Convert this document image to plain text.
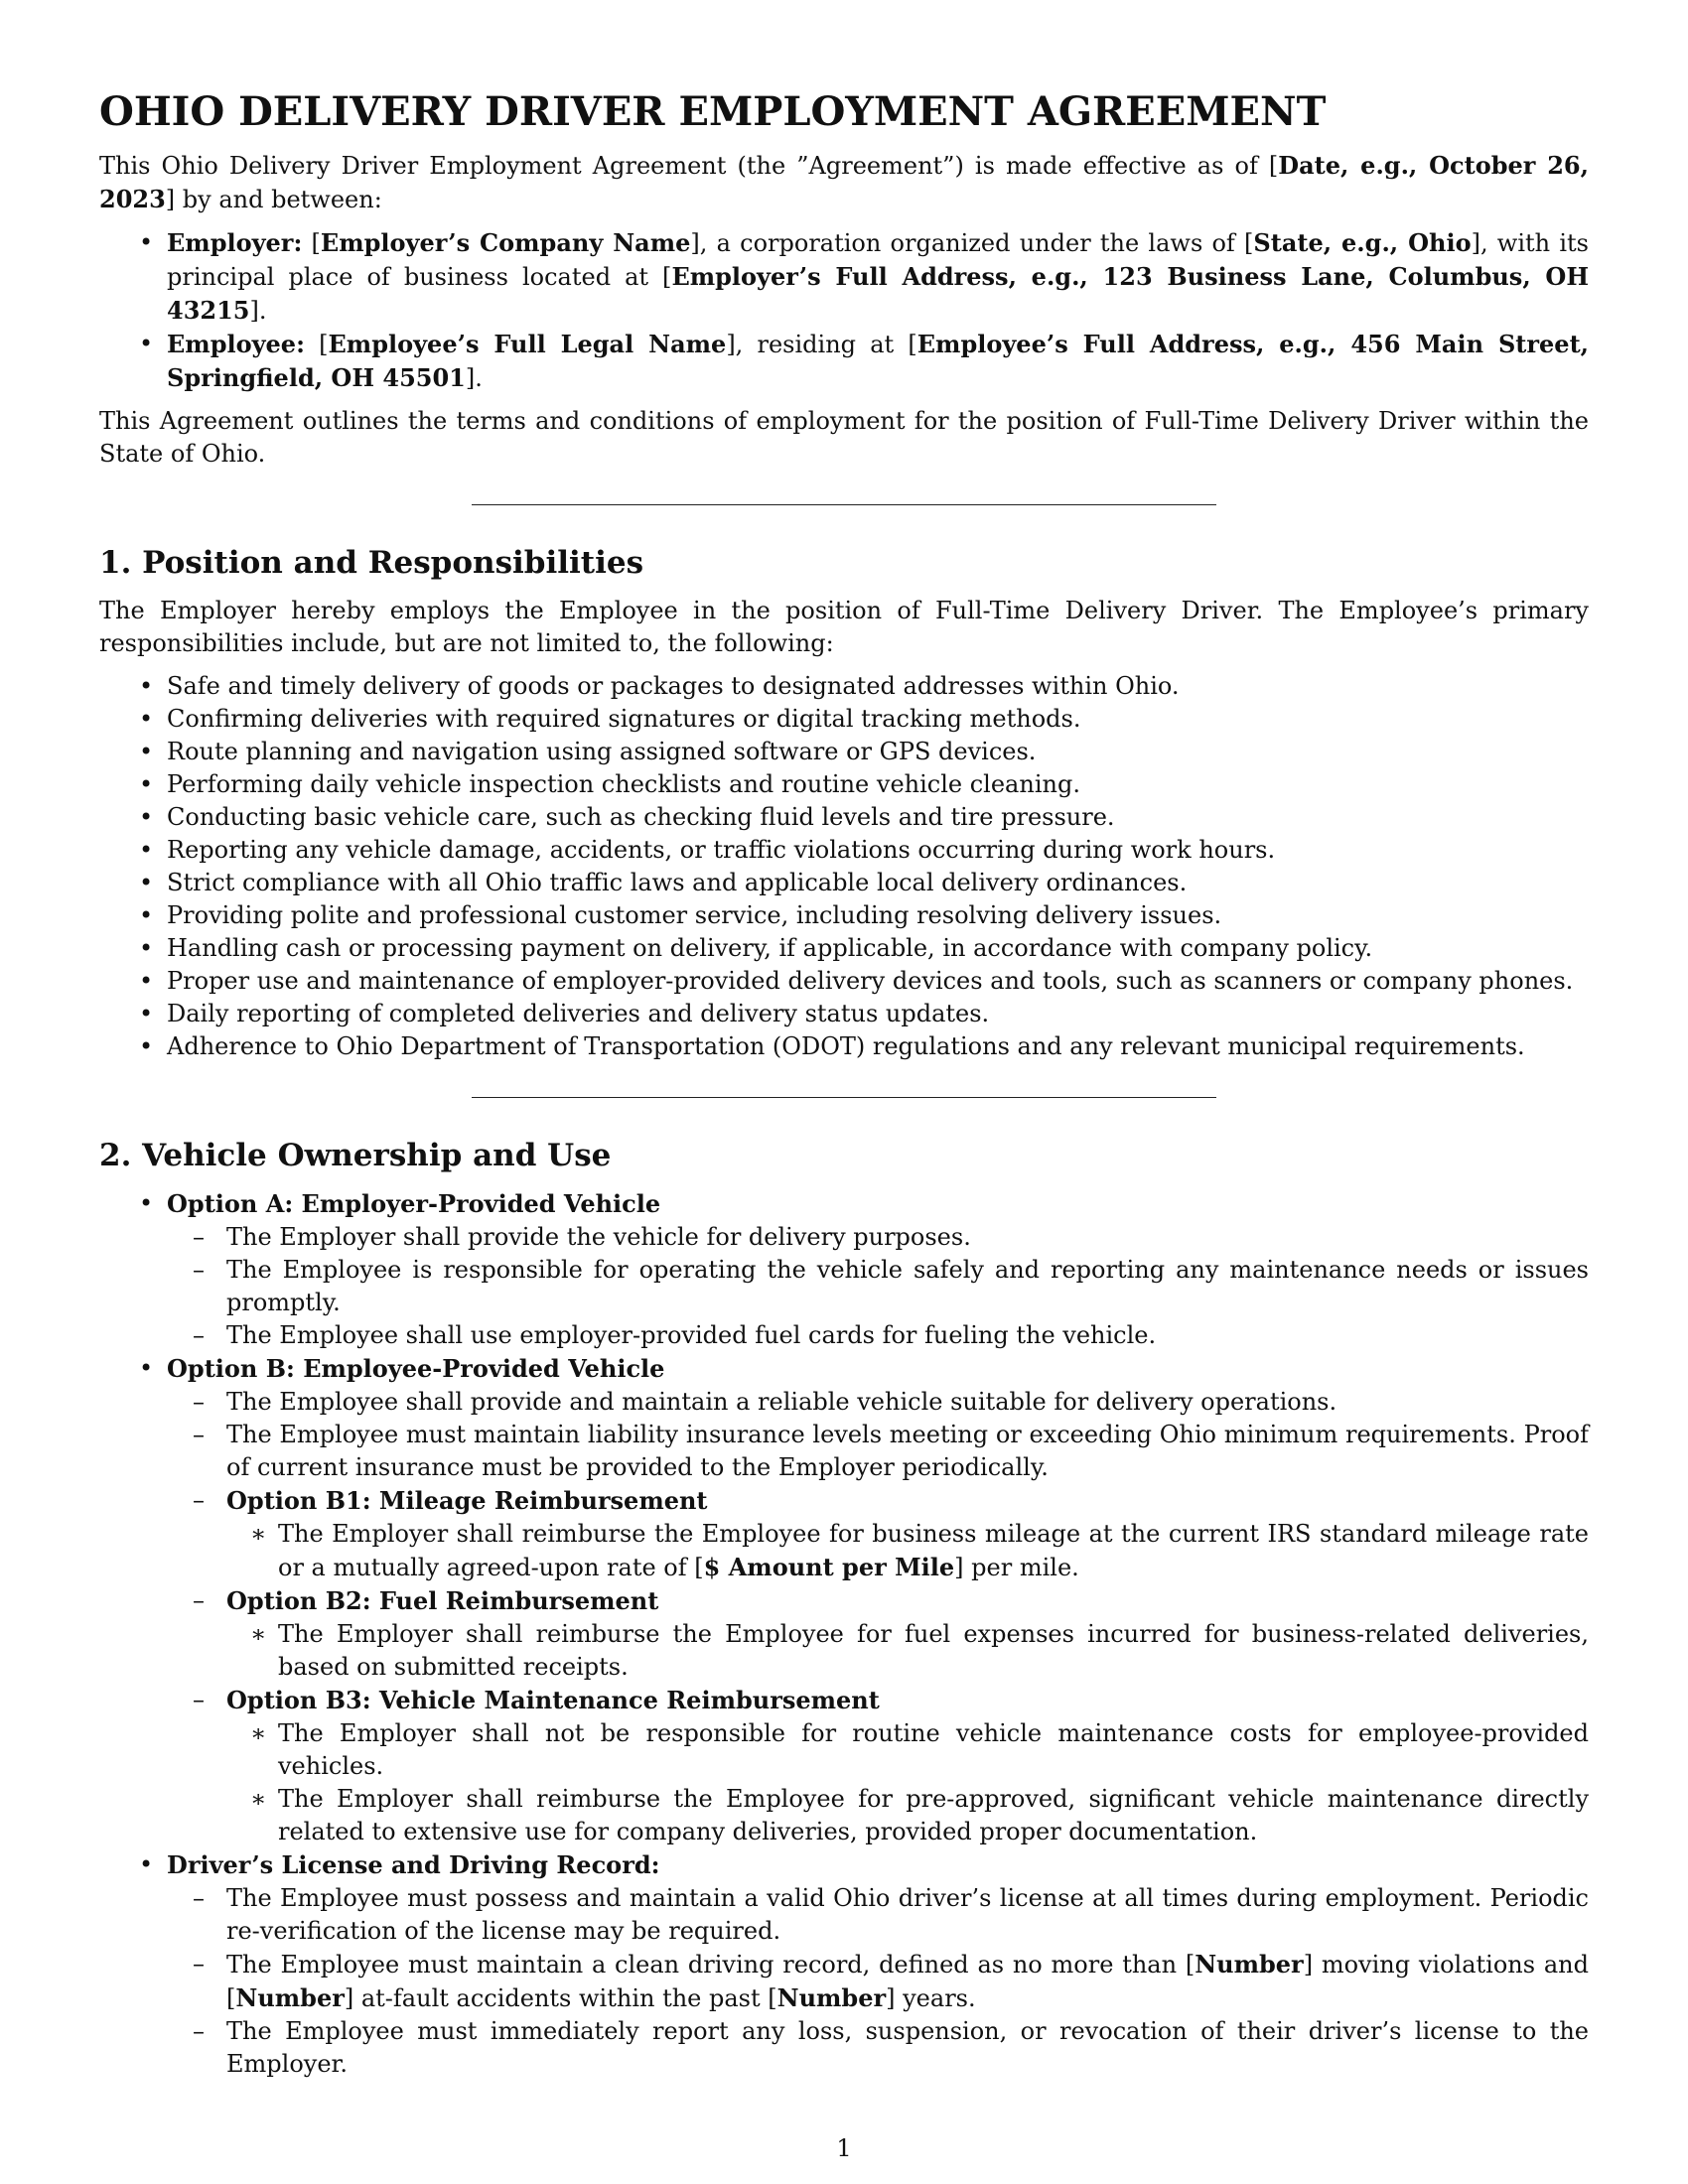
OHIO DELIVERY DRIVER EMPLOYMENT AGREEMENT

This Ohio Delivery Driver Employment Agreement (the ”Agreement”) is made effective as of [Date, e.g., October 26, 2023] by and between:

• Employer: [Employer’s Company Name], a corporation organized under the laws of [State, e.g., Ohio], with its principal place of business located at [Employer’s Full Address, e.g., 123 Business Lane, Columbus, OH 43215].
• Employee: [Employee’s Full Legal Name], residing at [Employee’s Full Address, e.g., 456 Main Street, Springfield, OH 45501].

This Agreement outlines the terms and conditions of employment for the position of Full-Time Delivery Driver within the State of Ohio.

1. Position and Responsibilities

The Employer hereby employs the Employee in the position of Full-Time Delivery Driver. The Employee’s primary responsibilities include, but are not limited to, the following:

• Safe and timely delivery of goods or packages to designated addresses within Ohio.
• Confirming deliveries with required signatures or digital tracking methods.
• Route planning and navigation using assigned software or GPS devices.
• Performing daily vehicle inspection checklists and routine vehicle cleaning.
• Conducting basic vehicle care, such as checking fluid levels and tire pressure.
• Reporting any vehicle damage, accidents, or traffic violations occurring during work hours.
• Strict compliance with all Ohio traffic laws and applicable local delivery ordinances.
• Providing polite and professional customer service, including resolving delivery issues.
• Handling cash or processing payment on delivery, if applicable, in accordance with company policy.
• Proper use and maintenance of employer-provided delivery devices and tools, such as scanners or company phones.
• Daily reporting of completed deliveries and delivery status updates.
• Adherence to Ohio Department of Transportation (ODOT) regulations and any relevant municipal requirements.
2. Vehicle Ownership and Use
• Option A: Employer-Provided Vehicle
– The Employer shall provide the vehicle for delivery purposes.
– The Employee is responsible for operating the vehicle safely and reporting any maintenance needs or issues promptly.
– The Employee shall use employer-provided fuel cards for fueling the vehicle.
• Option B: Employee-Provided Vehicle
– The Employee shall provide and maintain a reliable vehicle suitable for delivery operations.
– The Employee must maintain liability insurance levels meeting or exceeding Ohio minimum requirements. Proof of current insurance must be provided to the Employer periodically.
– Option B1: Mileage Reimbursement
∗ The Employer shall reimburse the Employee for business mileage at the current IRS standard mileage rate or a mutually agreed-upon rate of [$ Amount per Mile] per mile.
– Option B2: Fuel Reimbursement
∗ The Employer shall reimburse the Employee for fuel expenses incurred for business-related deliveries, based on submitted receipts.
– Option B3: Vehicle Maintenance Reimbursement
∗ The Employer shall not be responsible for routine vehicle maintenance costs for employee-provided vehicles.
∗ The Employer shall reimburse the Employee for pre-approved, significant vehicle maintenance directly related to extensive use for company deliveries, provided proper documentation.
• Driver’s License and Driving Record:
– The Employee must possess and maintain a valid Ohio driver’s license at all times during employment. Periodic re-verification of the license may be required.
– The Employee must maintain a clean driving record, defined as no more than [Number] moving violations and [Number] at-fault accidents within the past [Number] years.
– The Employee must immediately report any loss, suspension, or revocation of their driver’s license to the Employer.
1
